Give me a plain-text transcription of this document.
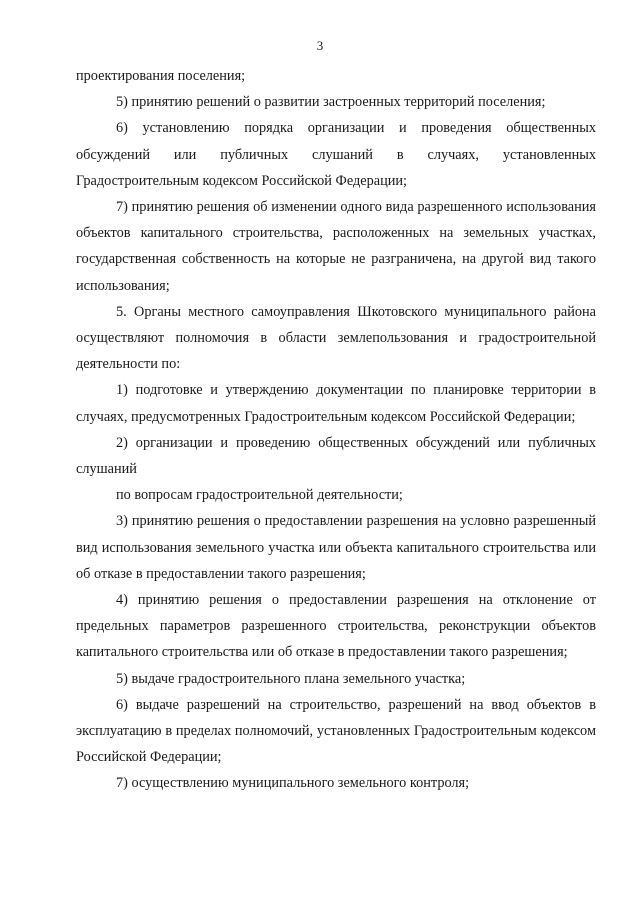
3

проектирования поселения;

5) принятию решений о развитии застроенных территорий поселения;

6) установлению порядка организации и проведения общественных обсуждений или публичных слушаний в случаях, установленных Градостроительным кодексом Российской Федерации;

7) принятию решения об изменении одного вида разрешенного использования объектов капитального строительства, расположенных на земельных участках, государственная собственность на которые не разграничена, на другой вид такого использования;

5. Органы местного самоуправления Шкотовского муниципального района осуществляют полномочия в области землепользования и градостроительной деятельности по:

1) подготовке и утверждению документации по планировке территории в случаях, предусмотренных Градостроительным кодексом Российской Федерации;

2) организации и проведению общественных обсуждений или публичных слушаний

по вопросам градостроительной деятельности;

3) принятию решения о предоставлении разрешения на условно разрешенный вид использования земельного участка или объекта капитального строительства или об отказе в предоставлении такого разрешения;

4) принятию решения о предоставлении разрешения на отклонение от предельных параметров разрешенного строительства, реконструкции объектов капитального строительства или об отказе в предоставлении такого разрешения;

5) выдаче градостроительного плана земельного участка;

6) выдаче разрешений на строительство, разрешений на ввод объектов в эксплуатацию в пределах полномочий, установленных Градостроительным кодексом Российской Федерации;

7) осуществлению муниципального земельного контроля;
